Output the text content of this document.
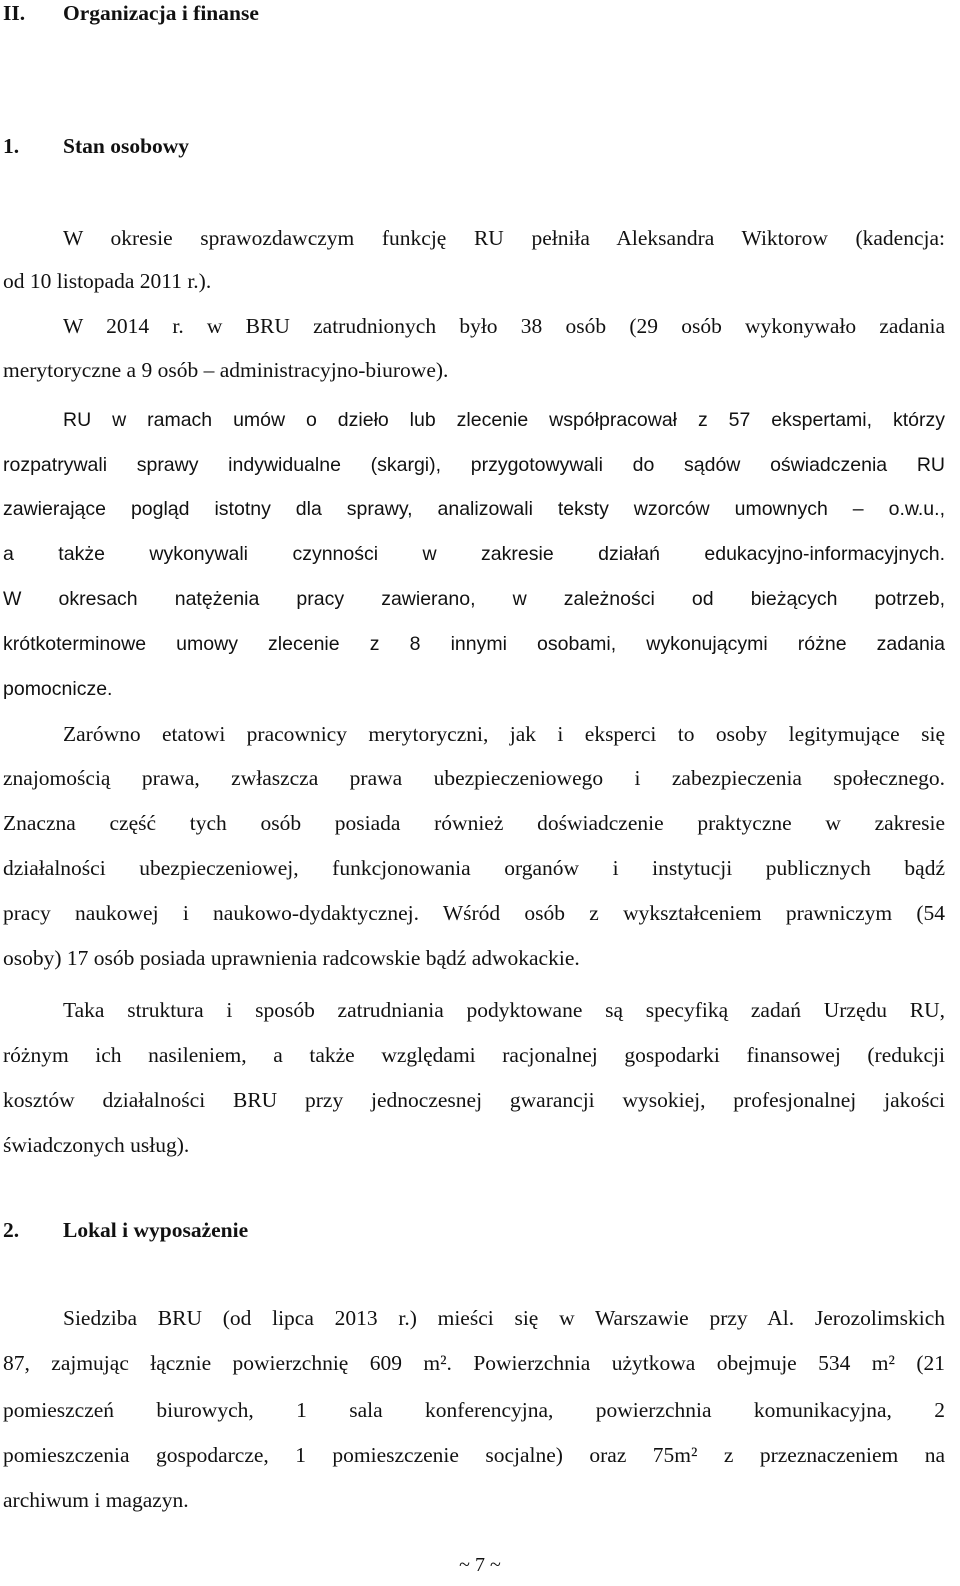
II. Organizacja i finanse
1. Stan osobowy
W okresie sprawozdawczym funkcję RU pełniła Aleksandra Wiktorow (kadencja:
od 10 listopada 2011 r.).
W 2014 r. w BRU zatrudnionych było 38 osób (29 osób wykonywało zadania
merytoryczne a 9 osób – administracyjno-biurowe).
RU w ramach umów o dzieło lub zlecenie współpracował z 57 ekspertami, którzy
rozpatrywali sprawy indywidualne (skargi), przygotowywali do sądów oświadczenia RU
zawierające pogląd istotny dla sprawy, analizowali teksty wzorców umownych – o.w.u.,
a także wykonywali czynności w zakresie działań edukacyjno-informacyjnych.
W okresach natężenia pracy zawierano, w zależności od bieżących potrzeb,
krótkoterminowe umowy zlecenie z 8 innymi osobami, wykonującymi różne zadania
pomocnicze.
Zarówno etatowi pracownicy merytoryczni, jak i eksperci to osoby legitymujące się
znajomością prawa, zwłaszcza prawa ubezpieczeniowego i zabezpieczenia społecznego.
Znaczna część tych osób posiada również doświadczenie praktyczne w zakresie
działalności ubezpieczeniowej, funkcjonowania organów i instytucji publicznych bądź
pracy naukowej i naukowo-dydaktycznej. Wśród osób z wykształceniem prawniczym (54
osoby) 17 osób posiada uprawnienia radcowskie bądź adwokackie.
Taka struktura i sposób zatrudniania podyktowane są specyfiką zadań Urzędu RU,
różnym ich nasileniem, a także względami racjonalnej gospodarki finansowej (redukcji
kosztów działalności BRU przy jednoczesnej gwarancji wysokiej, profesjonalnej jakości
świadczonych usług).
2. Lokal i wyposażenie
Siedziba BRU (od lipca 2013 r.) mieści się w Warszawie przy Al. Jerozolimskich
87, zajmując łącznie powierzchnię 609 m². Powierzchnia użytkowa obejmuje 534 m² (21
pomieszczeń biurowych, 1 sala konferencyjna, powierzchnia komunikacyjna, 2
pomieszczenia gospodarcze, 1 pomieszczenie socjalne) oraz 75m² z przeznaczeniem na
archiwum i magazyn.
~ 7 ~
